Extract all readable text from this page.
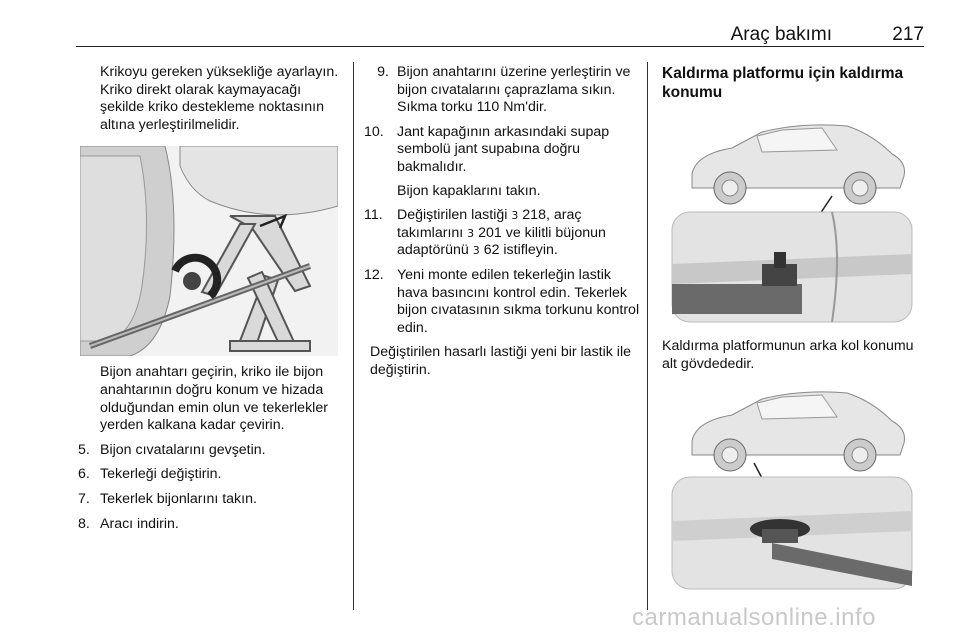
Araç bakımı	217

Krikoyu gereken yüksekliğe ayarlayın. Kriko direkt olarak kaymayacağı şekilde kriko destekleme noktasının altına yerleştirilmelidir.

Bijon anahtarı geçirin, kriko ile bijon anahtarının doğru konum ve hizada olduğundan emin olun ve tekerlekler yerden kalkana kadar çevirin.

5. Bijon cıvatalarını gevşetin.
6. Tekerleği değiştirin.
7. Tekerlek bijonlarını takın.
8. Aracı indirin.
9. Bijon anahtarını üzerine yerleştirin ve bijon cıvatalarını çaprazlama sıkın. Sıkma torku 110 Nm'dir.
10. Jant kapağının arkasındaki supap sembolü jant supabına doğru bakmalıdır.

Bijon kapaklarını takın.

11.	Değiştirilen lastiği 3 218, araç takımlarını 3 201 ve kilitli büjonun adaptörünü 3 62 istifleyin.
12. Yeni monte edilen tekerleğin lastik hava basıncını kontrol edin. Tekerlek bijon cıvatasının sıkma torkunu kontrol edin.

Değiştirilen hasarlı lastiği yeni bir lastik ile değiştirin.

Kaldırma platformu için kaldırma konumu

Kaldırma platformunun arka kol konumu alt gövdededir.

carmanualsonline.info
